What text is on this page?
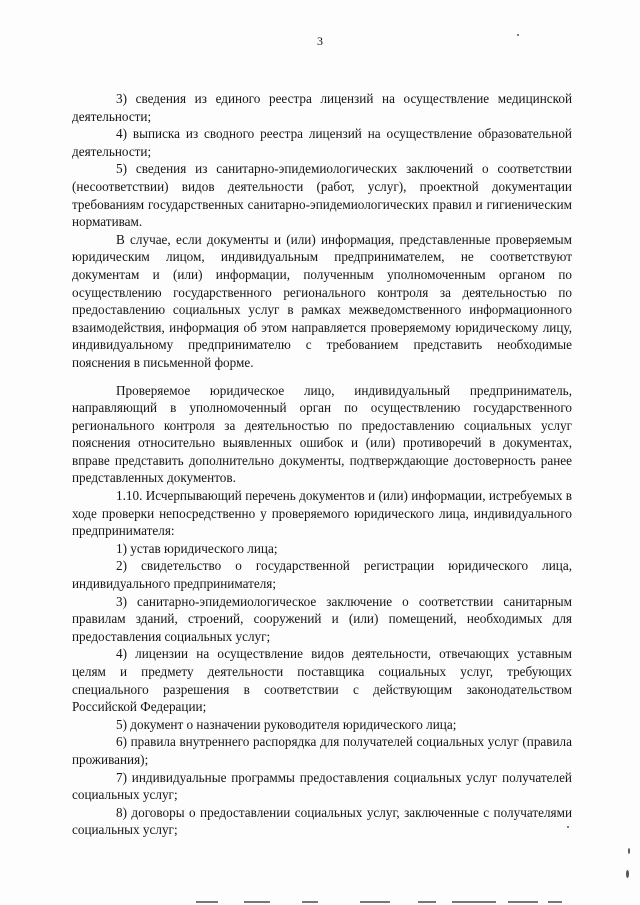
3

3) сведения из единого реестра лицензий на осуществление медицинской деятельности;

4) выписка из сводного реестра лицензий на осуществление образовательной деятельности;

5) сведения из санитарно-эпидемиологических заключений о соответствии (несоответствии) видов деятельности (работ, услуг), проектной документации требованиям государственных санитарно-эпидемиологических правил и гигиеническим нормативам.

В случае, если документы и (или) информация, представленные проверяемым юридическим лицом, индивидуальным предпринимателем, не соответствуют документам и (или) информации, полученным уполномоченным органом по осуществлению государственного регионального контроля за деятельностью по предоставлению социальных услуг в рамках межведомственного информационного взаимодействия, информация об этом направляется проверяемому юридическому лицу, индивидуальному предпринимателю с требованием представить необходимые пояснения в письменной форме.

Проверяемое юридическое лицо, индивидуальный предприниматель, направляющий в уполномоченный орган по осуществлению государственного регионального контроля за деятельностью по предоставлению социальных услуг пояснения относительно выявленных ошибок и (или) противоречий в документах, вправе представить дополнительно документы, подтверждающие достоверность ранее представленных документов.

1.10. Исчерпывающий перечень документов и (или) информации, истребуемых в ходе проверки непосредственно у проверяемого юридического лица, индивидуального предпринимателя:

1) устав юридического лица;

2) свидетельство о государственной регистрации юридического лица, индивидуального предпринимателя;

3) санитарно-эпидемиологическое заключение о соответствии санитарным правилам зданий, строений, сооружений и (или) помещений, необходимых для предоставления социальных услуг;

4) лицензии на осуществление видов деятельности, отвечающих уставным целям и предмету деятельности поставщика социальных услуг, требующих специального разрешения в соответствии с действующим законодательством Российской Федерации;

5) документ о назначении руководителя юридического лица;

6) правила внутреннего распорядка для получателей социальных услуг (правила проживания);

7) индивидуальные программы предоставления социальных услуг получателей социальных услуг;

8) договоры о предоставлении социальных услуг, заключенные с получателями социальных услуг;
